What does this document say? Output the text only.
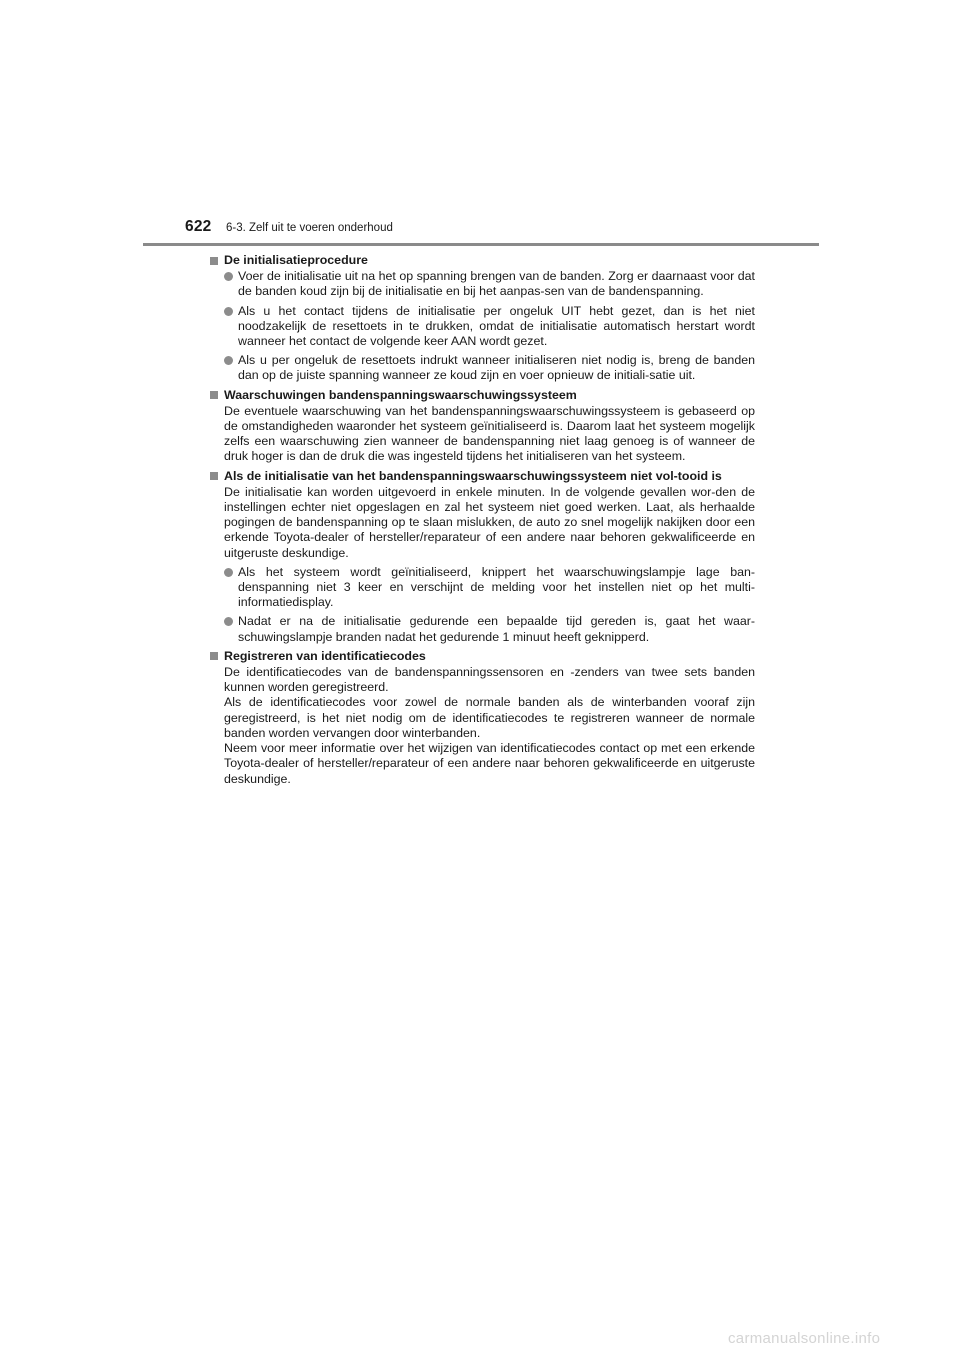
622 6-3. Zelf uit te voeren onderhoud
De initialisatieprocedure
Voer de initialisatie uit na het op spanning brengen van de banden. Zorg er daarnaast voor dat de banden koud zijn bij de initialisatie en bij het aanpas-sen van de bandenspanning.
Als u het contact tijdens de initialisatie per ongeluk UIT hebt gezet, dan is het niet noodzakelijk de resettoets in te drukken, omdat de initialisatie automatisch herstart wordt wanneer het contact de volgende keer AAN wordt gezet.
Als u per ongeluk de resettoets indrukt wanneer initialiseren niet nodig is, breng de banden dan op de juiste spanning wanneer ze koud zijn en voer opnieuw de initiali-satie uit.
Waarschuwingen bandenspanningswaarschuwingssysteem
De eventuele waarschuwing van het bandenspanningswaarschuwingssysteem is gebaseerd op de omstandigheden waaronder het systeem geïnitialiseerd is. Daarom laat het systeem mogelijk zelfs een waarschuwing zien wanneer de bandenspanning niet laag genoeg is of wanneer de druk hoger is dan de druk die was ingesteld tijdens het initialiseren van het systeem.
Als de initialisatie van het bandenspanningswaarschuwingssysteem niet vol-tooid is
De initialisatie kan worden uitgevoerd in enkele minuten. In de volgende gevallen wor-den de instellingen echter niet opgeslagen en zal het systeem niet goed werken. Laat, als herhaalde pogingen de bandenspanning op te slaan mislukken, de auto zo snel mogelijk nakijken door een erkende Toyota-dealer of hersteller/reparateur of een andere naar behoren gekwalificeerde en uitgeruste deskundige.
Als het systeem wordt geïnitialiseerd, knippert het waarschuwingslampje lage ban-denspanning niet 3 keer en verschijnt de melding voor het instellen niet op het multi-informatiedisplay.
Nadat er na de initialisatie gedurende een bepaalde tijd gereden is, gaat het waar-schuwingslampje branden nadat het gedurende 1 minuut heeft geknipperd.
Registreren van identificatiecodes
De identificatiecodes van de bandenspanningssensoren en -zenders van twee sets banden kunnen worden geregistreerd.
Als de identificatiecodes voor zowel de normale banden als de winterbanden vooraf zijn geregistreerd, is het niet nodig om de identificatiecodes te registreren wanneer de normale banden worden vervangen door winterbanden.
Neem voor meer informatie over het wijzigen van identificatiecodes contact op met een erkende Toyota-dealer of hersteller/reparateur of een andere naar behoren gekwalificeerde en uitgeruste deskundige.
carmanualsonline.info
